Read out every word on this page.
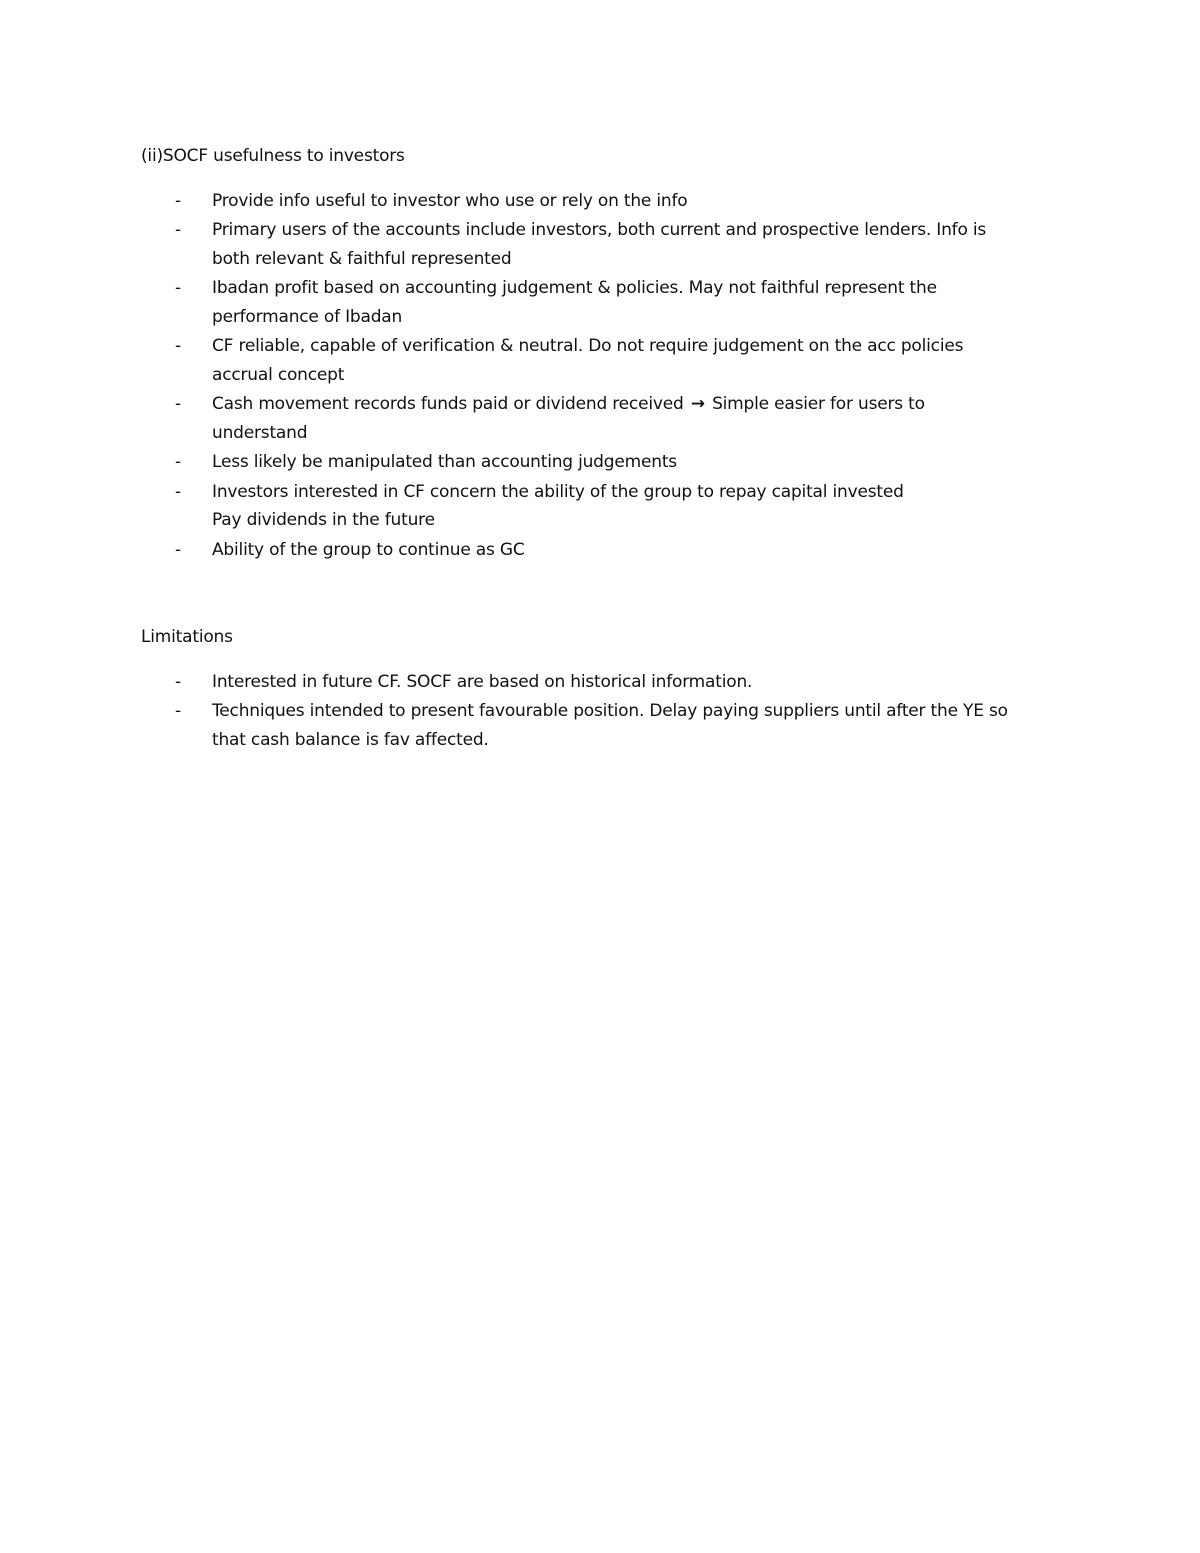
(ii)SOCF usefulness to investors

- Provide info useful to investor who use or rely on the info
- Primary users of the accounts include investors, both current and prospective lenders. Info is
both relevant & faithful represented
- Ibadan profit based on accounting judgement & policies. May not faithful represent the
performance of Ibadan
- CF reliable, capable of verification & neutral. Do not require judgement on the acc policies
accrual concept
- Cash movement records funds paid or dividend received → Simple easier for users to
understand
- Less likely be manipulated than accounting judgements
- Investors interested in CF concern the ability of the group to repay capital invested
Pay dividends in the future
- Ability of the group to continue as GC

Limitations

- Interested in future CF. SOCF are based on historical information.
- Techniques intended to present favourable position. Delay paying suppliers until after the YE so
that cash balance is fav affected.
